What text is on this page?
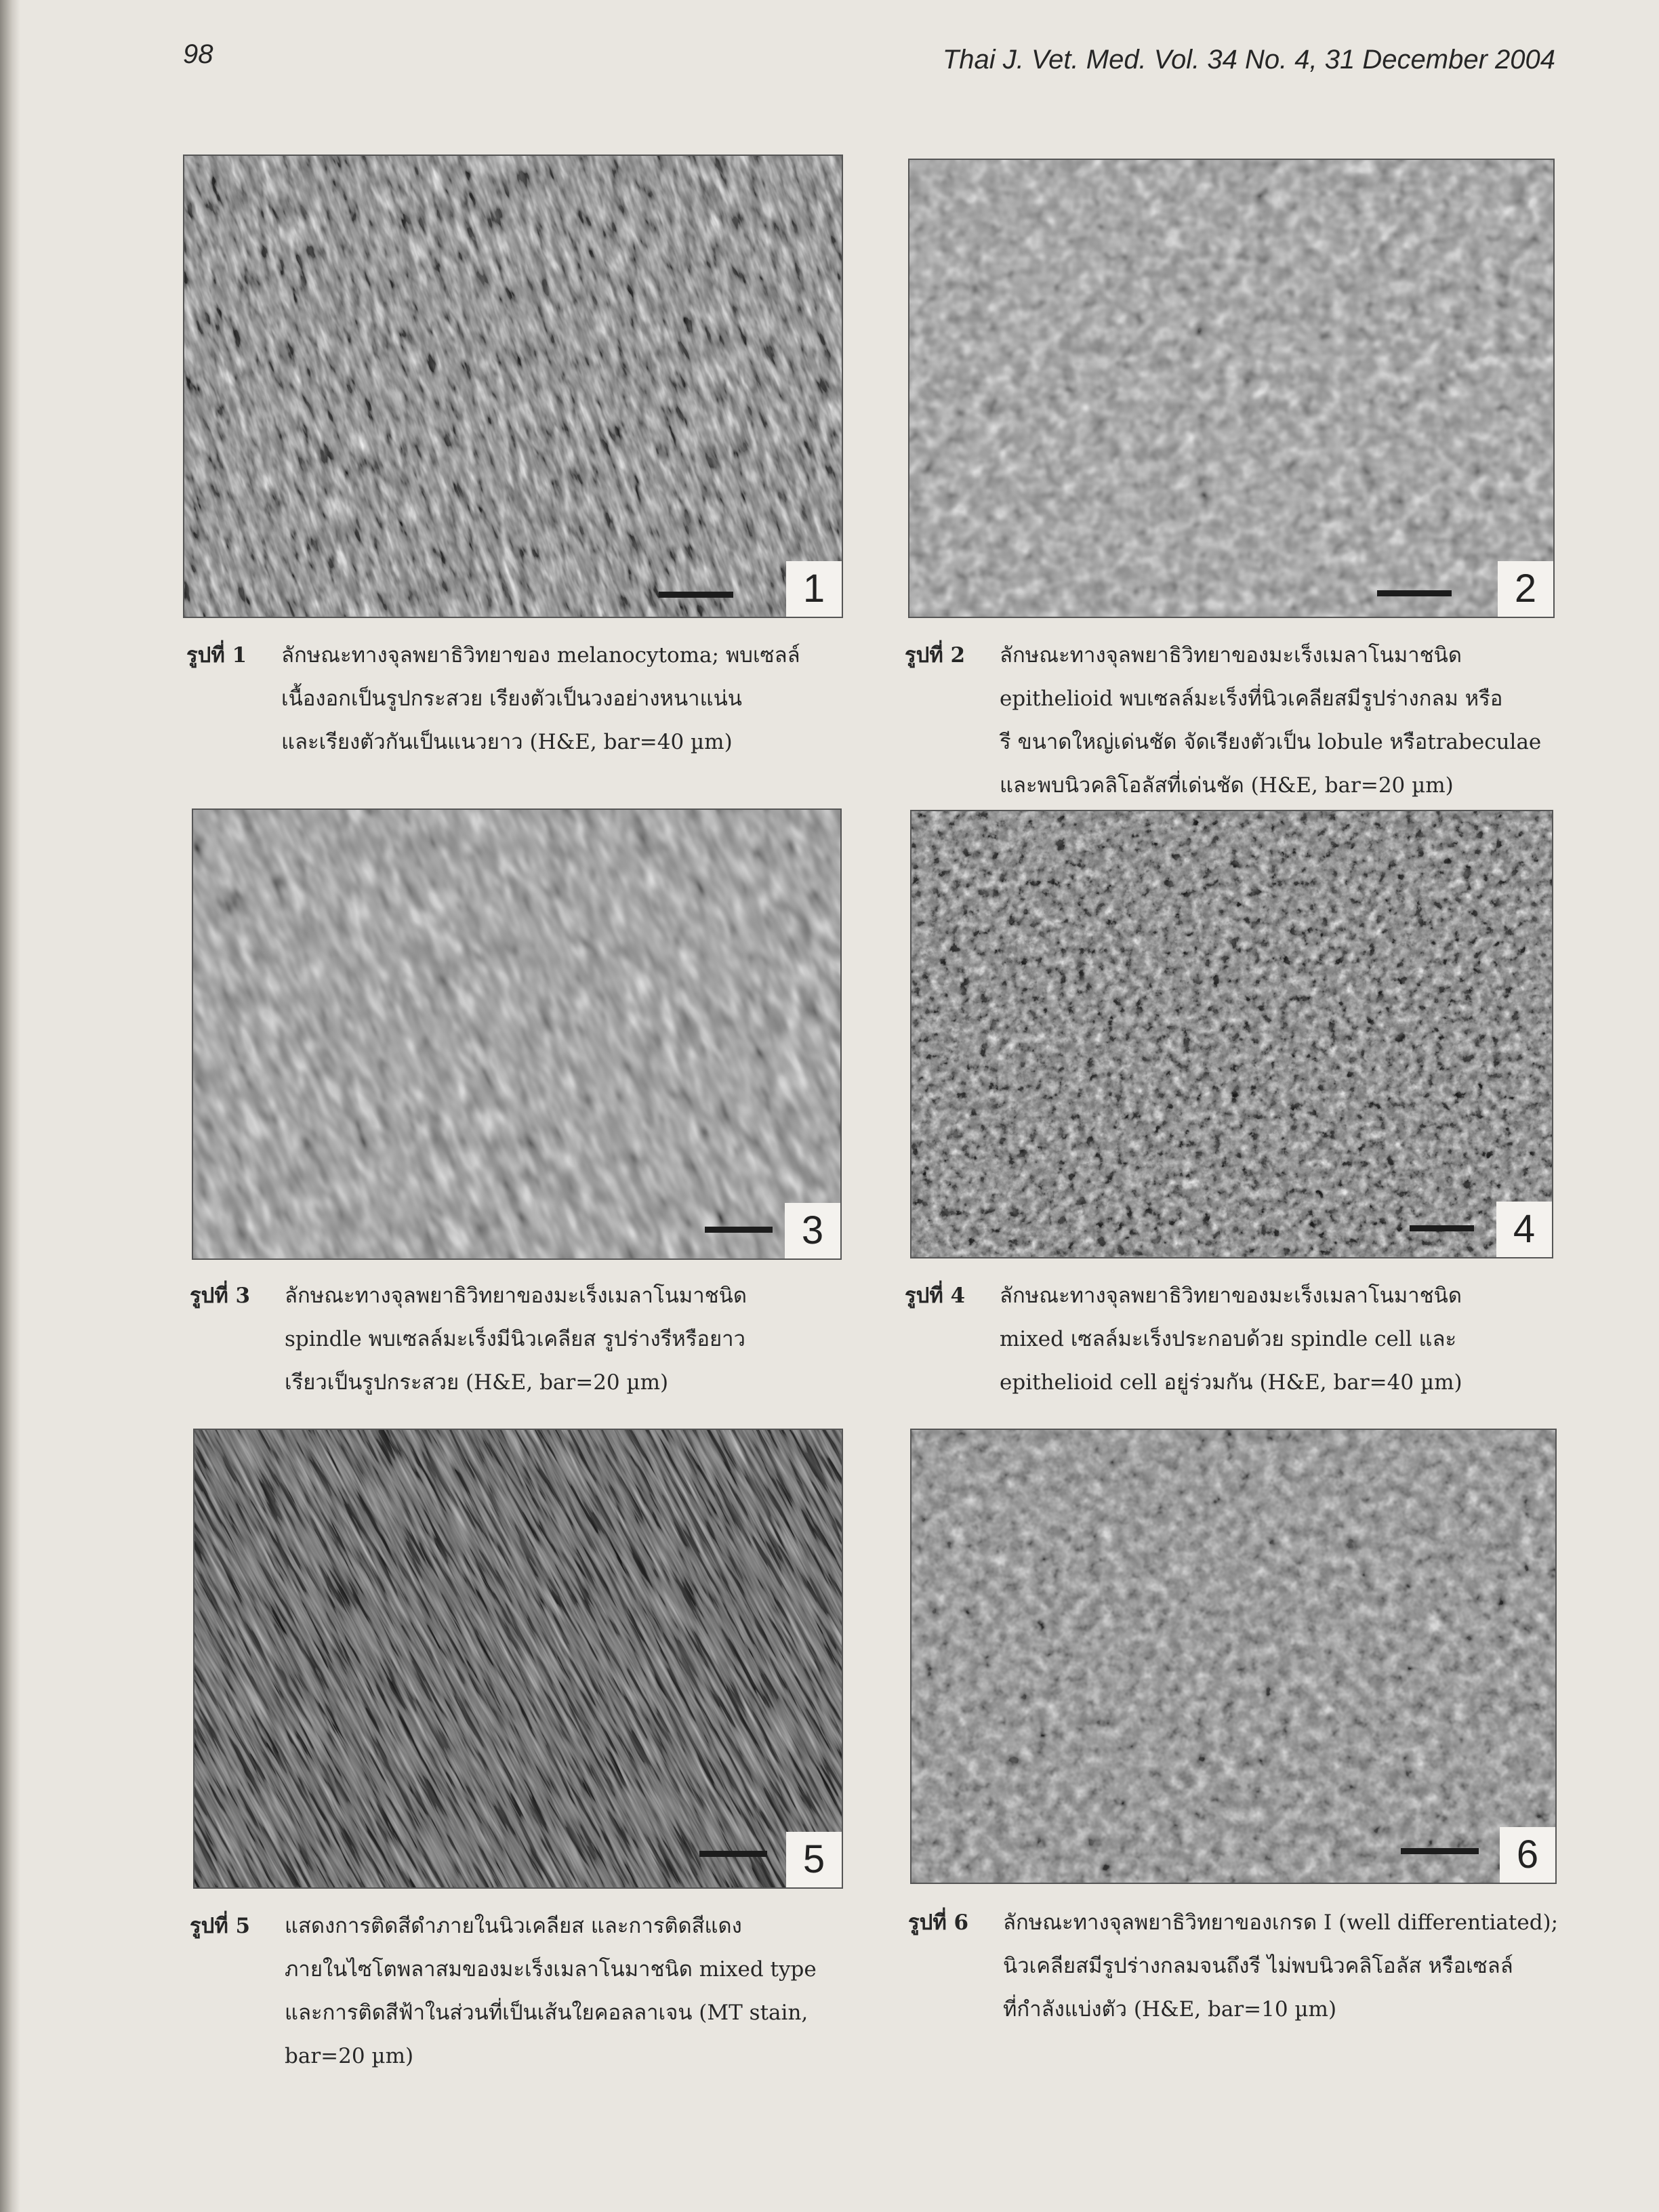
98	Thai J. Vet. Med. Vol. 34 No. 4, 31 December 2004
1	2
รูปที่ 1 ลักษณะทางจุลพยาธิวิทยาของ melanocytoma; พบเซลล์
เนื้องอกเป็นรูปกระสวย เรียงตัวเป็นวงอย่างหนาแน่น
และเรียงตัวกันเป็นแนวยาว (H&E, bar=40 µm)
รูปที่ 2 ลักษณะทางจุลพยาธิวิทยาของมะเร็งเมลาโนมาชนิด
epithelioid พบเซลล์มะเร็งที่นิวเคลียสมีรูปร่างกลม หรือ
รี ขนาดใหญ่เด่นชัด จัดเรียงตัวเป็น lobule หรือtrabeculae
และพบนิวคลิโอลัสที่เด่นชัด (H&E, bar=20 µm)
3	4
รูปที่ 3 ลักษณะทางจุลพยาธิวิทยาของมะเร็งเมลาโนมาชนิด
spindle พบเซลล์มะเร็งมีนิวเคลียส รูปร่างรีหรือยาว
เรียวเป็นรูปกระสวย (H&E, bar=20 µm)
รูปที่ 4 ลักษณะทางจุลพยาธิวิทยาของมะเร็งเมลาโนมาชนิด
mixed เซลล์มะเร็งประกอบด้วย spindle cell และ
epithelioid cell อยู่ร่วมกัน (H&E, bar=40 µm)
5	6
รูปที่ 5 แสดงการติดสีดำภายในนิวเคลียส และการติดสีแดง
ภายในไซโตพลาสมของมะเร็งเมลาโนมาชนิด mixed type
และการติดสีฟ้าในส่วนที่เป็นเส้นใยคอลลาเจน (MT stain,
bar=20 µm)
รูปที่ 6 ลักษณะทางจุลพยาธิวิทยาของเกรด I (well differentiated);
นิวเคลียสมีรูปร่างกลมจนถึงรี ไม่พบนิวคลิโอลัส หรือเซลล์
ที่กำลังแบ่งตัว (H&E, bar=10 µm)
